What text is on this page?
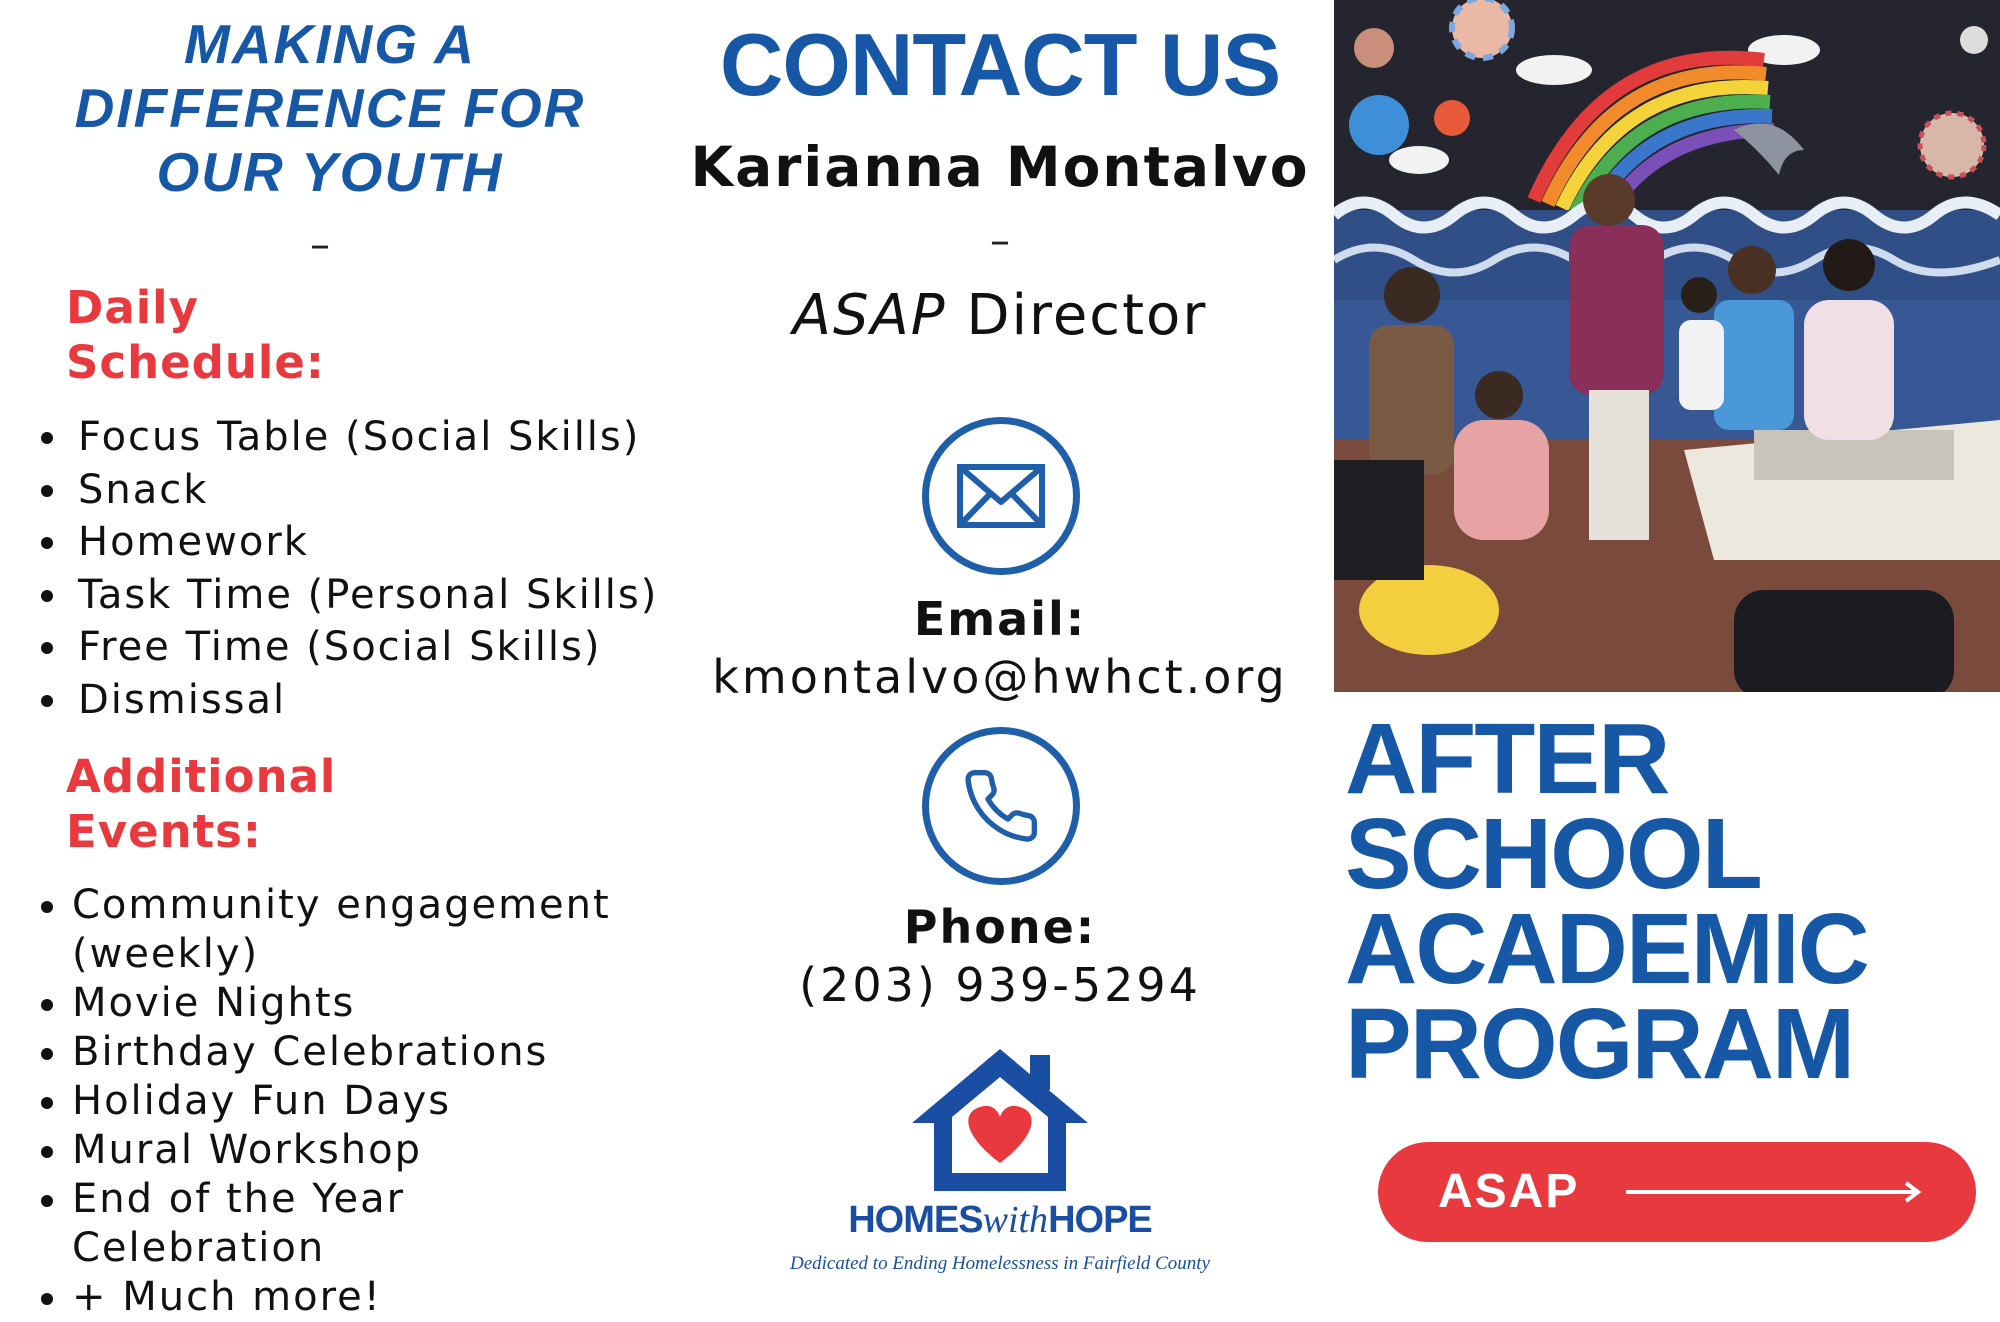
MAKING A DIFFERENCE FOR OUR YOUTH
–
Daily Schedule:
Focus Table (Social Skills)
Snack
Homework
Task Time (Personal Skills)
Free Time (Social Skills)
Dismissal
Additional Events:
Community engagement (weekly)
Movie Nights
Birthday Celebrations
Holiday Fun Days
Mural Workshop
End of the Year Celebration
+ Much more!
CONTACT US
Karianna Montalvo
–
ASAP Director
Email:
kmontalvo@hwhct.org
Phone:
(203) 939-5294
HOMESwithHOPE
Dedicated to Ending Homelessness in Fairfield County
AFTER
SCHOOL
ACADEMIC
PROGRAM
ASAP
